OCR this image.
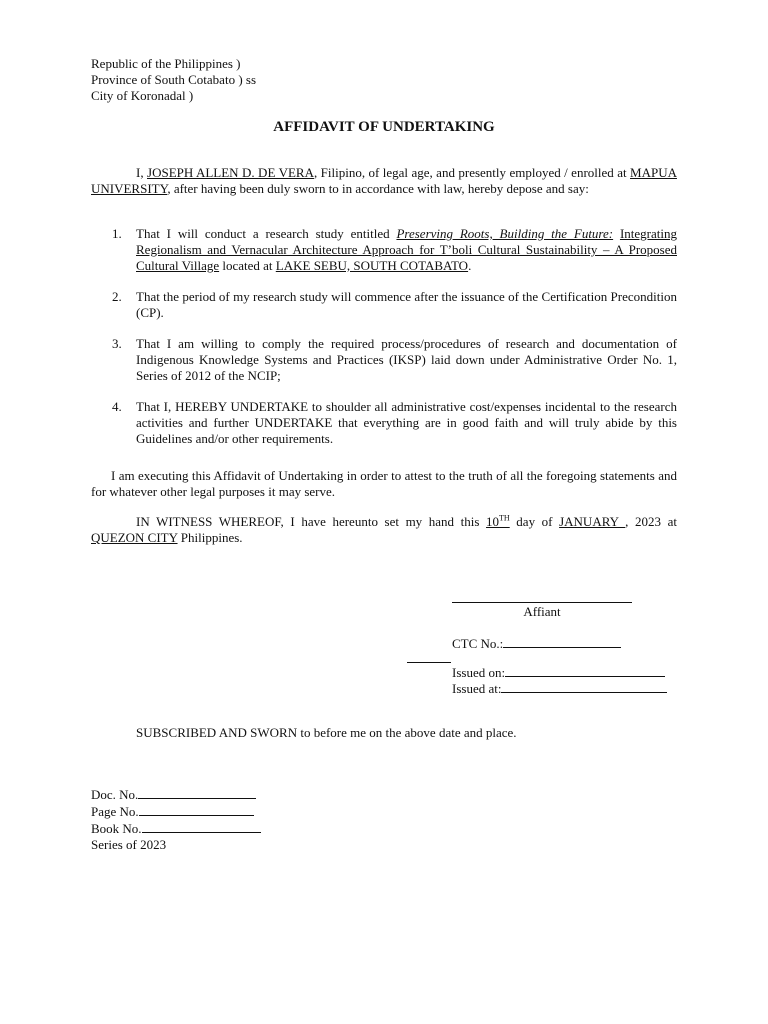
Republic of the Philippines )
Province of South Cotabato ) ss
City of Koronadal )
AFFIDAVIT OF UNDERTAKING
I, JOSEPH ALLEN D. DE VERA, Filipino, of legal age, and presently employed / enrolled at MAPUA UNIVERSITY, after having been duly sworn to in accordance with law, hereby depose and say:
1. That I will conduct a research study entitled Preserving Roots, Building the Future: Integrating Regionalism and Vernacular Architecture Approach for T’boli Cultural Sustainability – A Proposed Cultural Village located at LAKE SEBU, SOUTH COTABATO.
2. That the period of my research study will commence after the issuance of the Certification Precondition (CP).
3. That I am willing to comply the required process/procedures of research and documentation of Indigenous Knowledge Systems and Practices (IKSP) laid down under Administrative Order No. 1, Series of 2012 of the NCIP;
4. That I, HEREBY UNDERTAKE to shoulder all administrative cost/expenses incidental to the research activities and further UNDERTAKE that everything are in good faith and will truly abide by this Guidelines and/or other requirements.
I am executing this Affidavit of Undertaking in order to attest to the truth of all the foregoing statements and for whatever other legal purposes it may serve.
IN WITNESS WHEREOF, I have hereunto set my hand this 10TH day of JANUARY , 2023 at QUEZON CITY Philippines.
Affiant
CTC No.:
Issued on:
Issued at:
SUBSCRIBED AND SWORN to before me on the above date and place.
Doc. No.
Page No.
Book No.
Series of 2023
